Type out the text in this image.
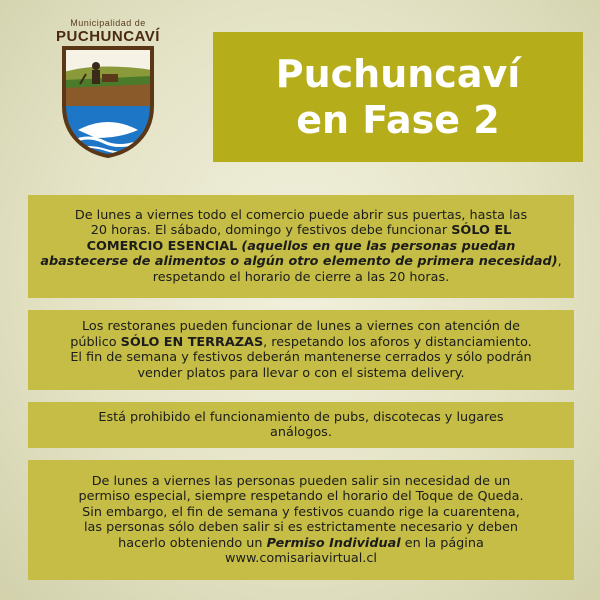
Municipalidad de
PUCHUNCAVÍ
Puchuncaví
en Fase 2

De lunes a viernes todo el comercio puede abrir sus puertas, hasta las
20 horas. El sábado, domingo y festivos debe funcionar SÓLO EL
COMERCIO ESENCIAL (aquellos en que las personas puedan
abastecerse de alimentos o algún otro elemento de primera necesidad),
respetando el horario de cierre a las 20 horas.

Los restoranes pueden funcionar de lunes a viernes con atención de
público SÓLO EN TERRAZAS, respetando los aforos y distanciamiento.
El fin de semana y festivos deberán mantenerse cerrados y sólo podrán
vender platos para llevar o con el sistema delivery.

Está prohibido el funcionamiento de pubs, discotecas y lugares
análogos.

De lunes a viernes las personas pueden salir sin necesidad de un
permiso especial, siempre respetando el horario del Toque de Queda.
Sin embargo, el fin de semana y festivos cuando rige la cuarentena,
las personas sólo deben salir si es estrictamente necesario y deben
hacerlo obteniendo un Permiso Individual en la página
www.comisariavirtual.cl
